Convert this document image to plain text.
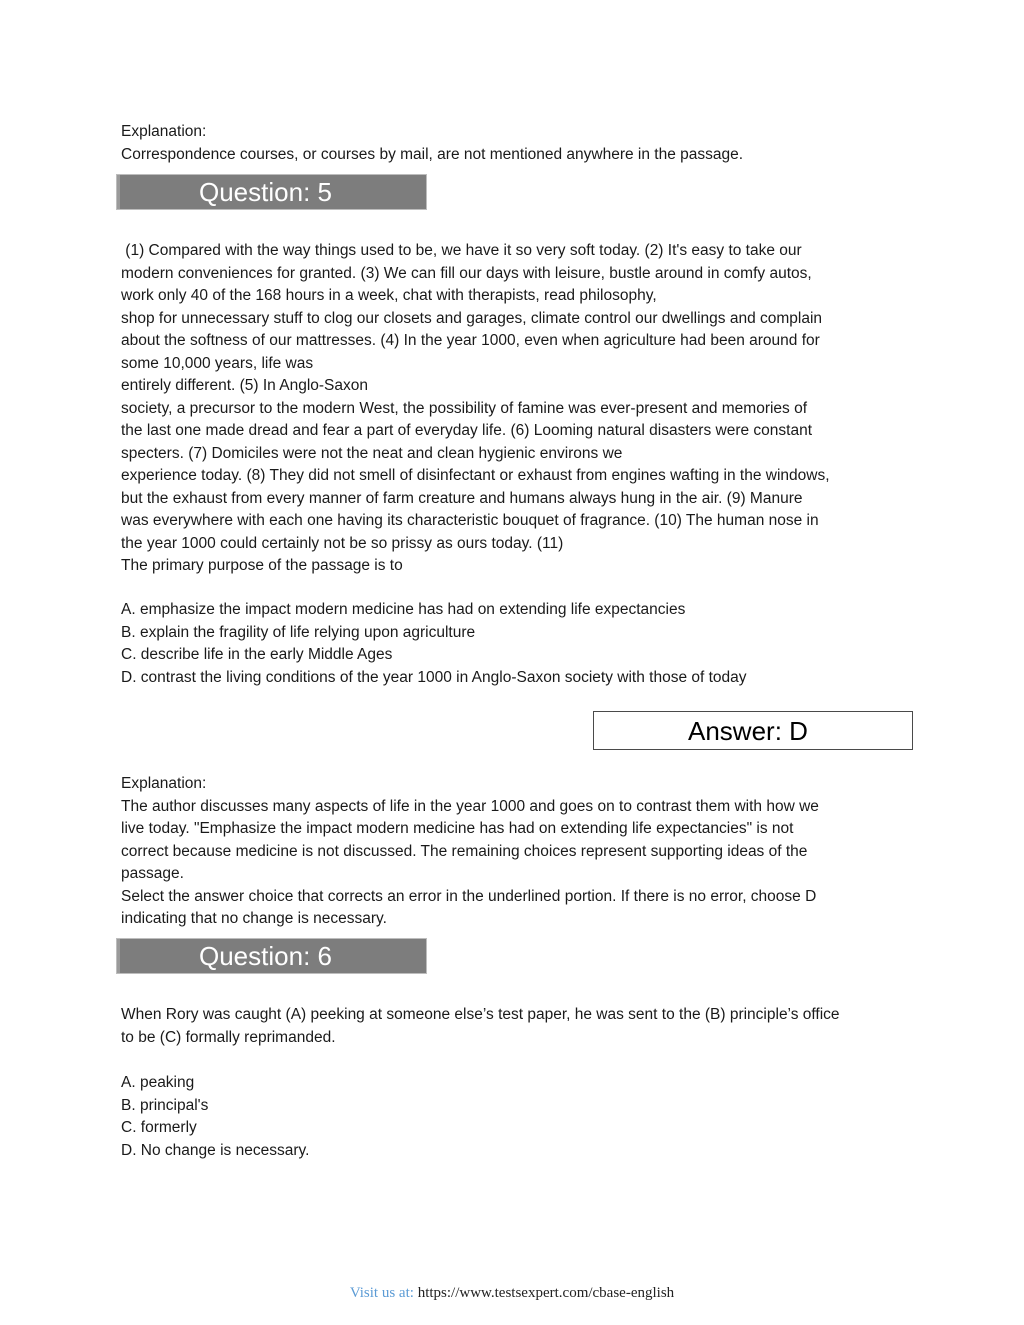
Explanation:
Correspondence courses, or courses by mail, are not mentioned anywhere in the passage.
Question: 5
(1) Compared with the way things used to be, we have it so very soft today. (2) It's easy to take our
modern conveniences for granted. (3) We can fill our days with leisure, bustle around in comfy autos,
work only 40 of the 168 hours in a week, chat with therapists, read philosophy,
shop for unnecessary stuff to clog our closets and garages, climate control our dwellings and complain
about the softness of our mattresses. (4) In the year 1000, even when agriculture had been around for
some 10,000 years, life was
entirely different. (5) In Anglo-Saxon
society, a precursor to the modern West, the possibility of famine was ever-present and memories of
the last one made dread and fear a part of everyday life. (6) Looming natural disasters were constant
specters. (7) Domiciles were not the neat and clean hygienic environs we
experience today. (8) They did not smell of disinfectant or exhaust from engines wafting in the windows,
but the exhaust from every manner of farm creature and humans always hung in the air. (9) Manure
was everywhere with each one having its characteristic bouquet of fragrance. (10) The human nose in
the year 1000 could certainly not be so prissy as ours today. (11)
The primary purpose of the passage is to
A. emphasize the impact modern medicine has had on extending life expectancies
B. explain the fragility of life relying upon agriculture
C. describe life in the early Middle Ages
D. contrast the living conditions of the year 1000 in Anglo-Saxon society with those of today
Answer: D
Explanation:
The author discusses many aspects of life in the year 1000 and goes on to contrast them with how we
live today. "Emphasize the impact modern medicine has had on extending life expectancies" is not
correct because medicine is not discussed. The remaining choices represent supporting ideas of the
passage.
Select the answer choice that corrects an error in the underlined portion. If there is no error, choose D
indicating that no change is necessary.
Question: 6
When Rory was caught (A) peeking at someone else’s test paper, he was sent to the (B) principle’s office
to be (C) formally reprimanded.
A. peaking
B. principal's
C. formerly
D. No change is necessary.
Visit us at: https://www.testsexpert.com/cbase-english
